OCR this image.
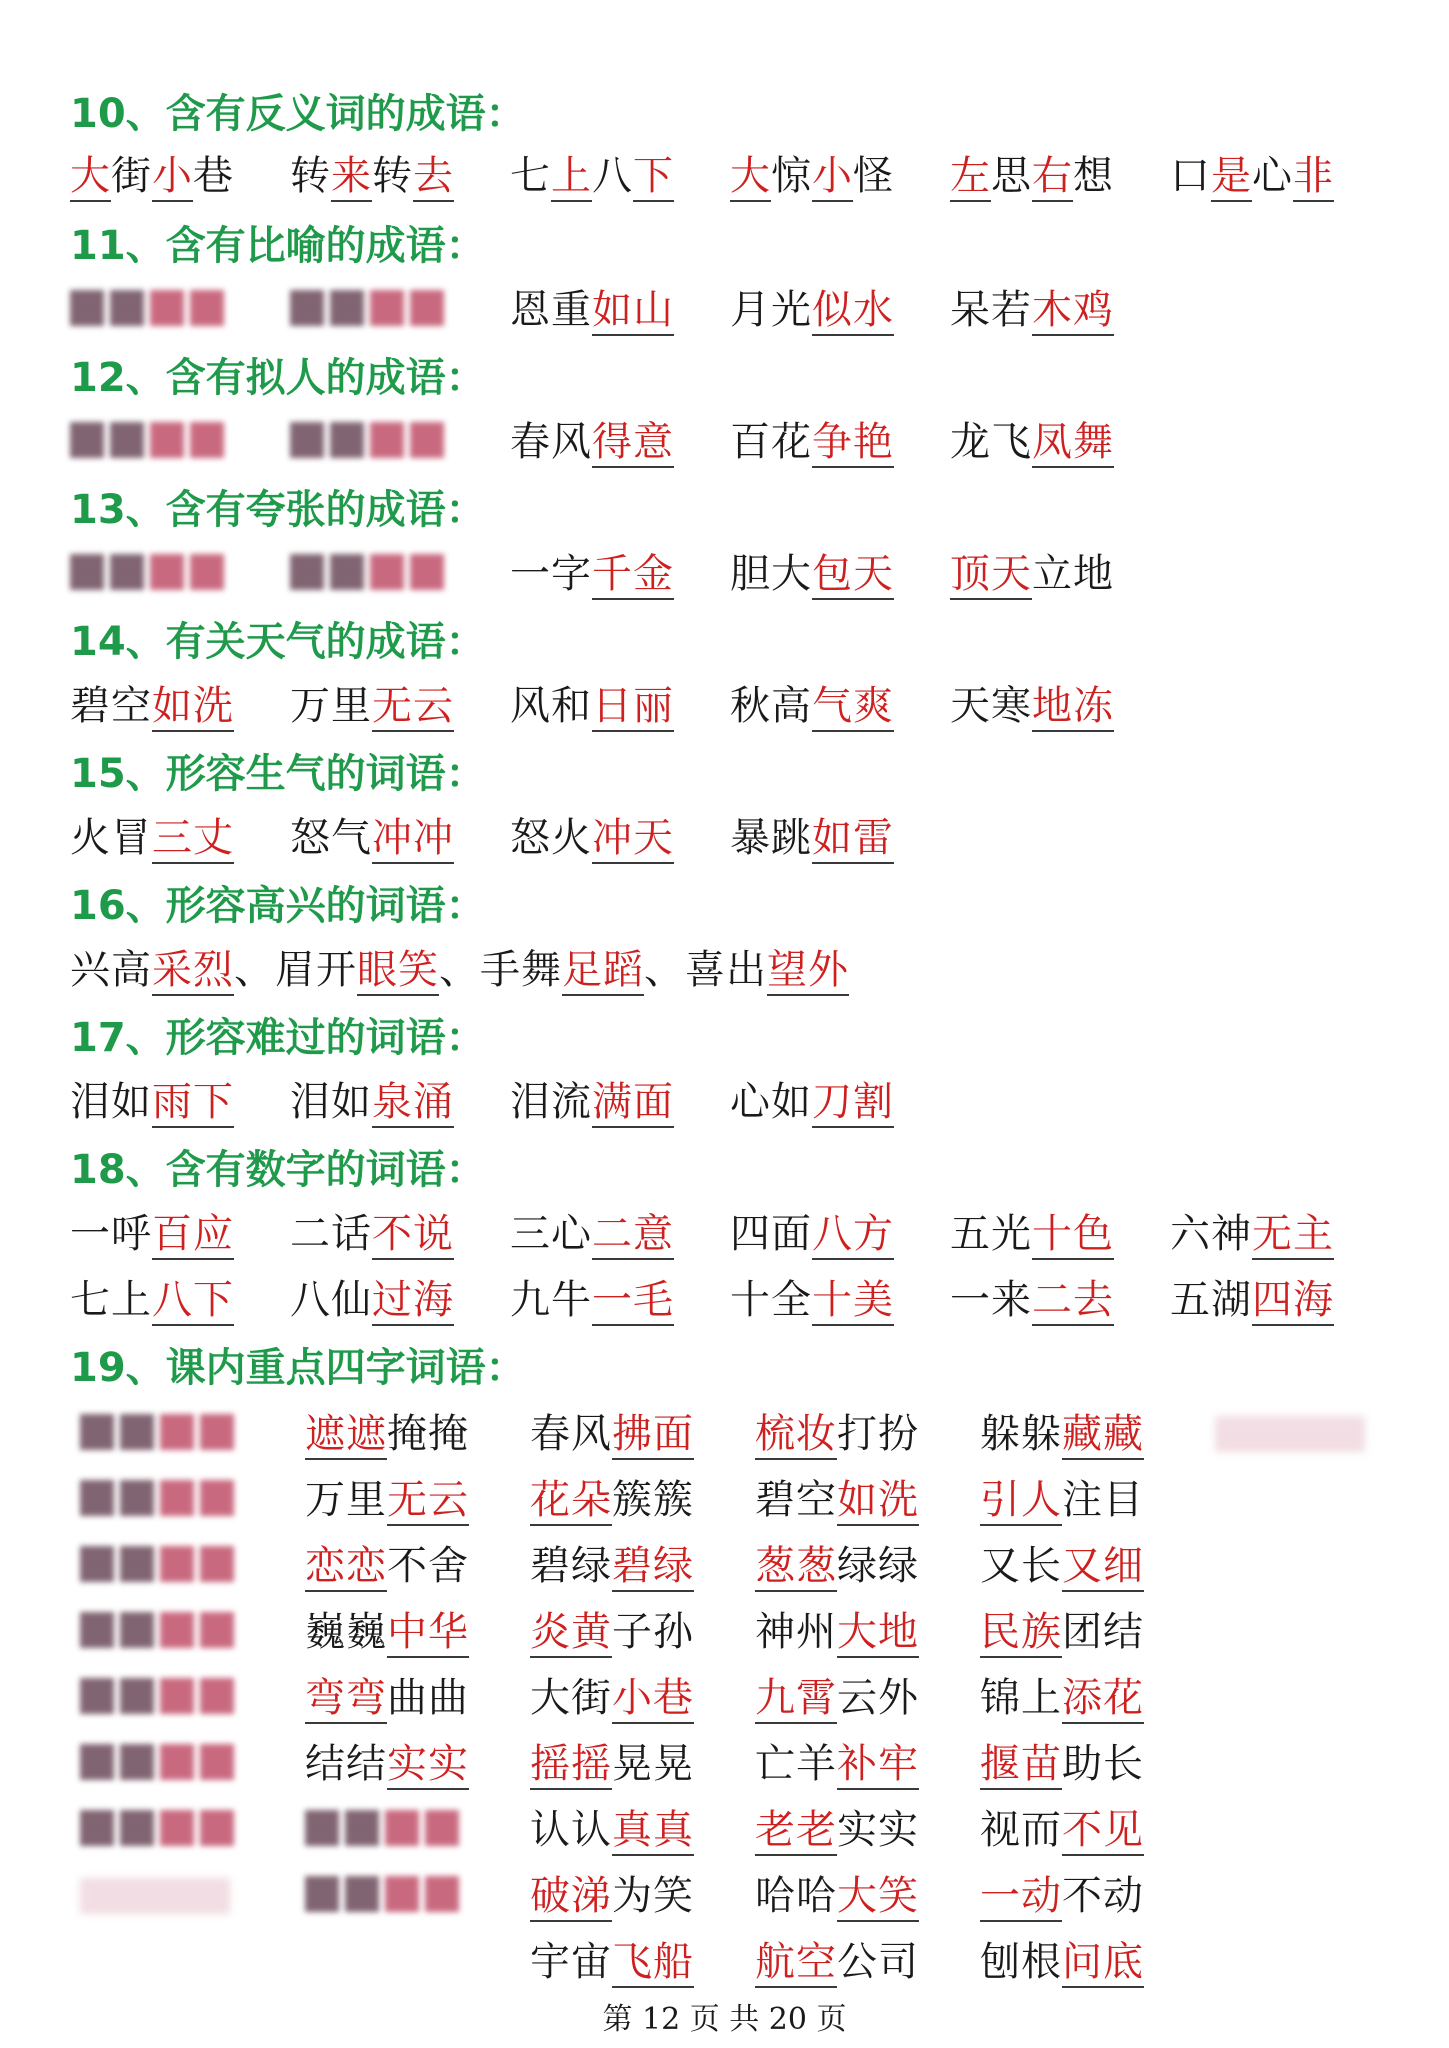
10、含有反义词的成语：
大街小巷 转来转去 七上八下 大惊小怪 左思右想 口是心非
11、含有比喻的成语：
恩重如山 月光似水 呆若木鸡
12、含有拟人的成语：
春风得意 百花争艳 龙飞凤舞
13、含有夸张的成语：
一字千金 胆大包天 顶天立地
14、有关天气的成语：
碧空如洗 万里无云 风和日丽 秋高气爽 天寒地冻
15、形容生气的词语：
火冒三丈 怒气冲冲 怒火冲天 暴跳如雷
16、形容高兴的词语：
兴高采烈、眉开眼笑、手舞足蹈、喜出望外
17、形容难过的词语：
泪如雨下 泪如泉涌 泪流满面 心如刀割
18、含有数字的词语：
一呼百应 二话不说 三心二意 四面八方 五光十色 六神无主
七上八下 八仙过海 九牛一毛 十全十美 一来二去 五湖四海
19、课内重点四字词语：
遮遮掩掩 春风拂面 梳妆打扮 躲躲藏藏
万里无云 花朵簇簇 碧空如洗 引人注目
恋恋不舍 碧绿碧绿 葱葱绿绿 又长又细
巍巍中华 炎黄子孙 神州大地 民族团结
弯弯曲曲 大街小巷 九霄云外 锦上添花
结结实实 摇摇晃晃 亡羊补牢 揠苗助长
认认真真 老老实实 视而不见
破涕为笑 哈哈大笑 一动不动
宇宙飞船 航空公司 刨根问底
第 12 页 共 20 页
